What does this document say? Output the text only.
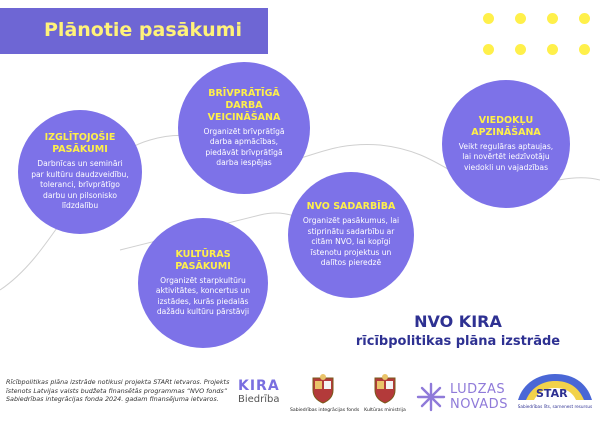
Plānotie pasākumi
IZGLĪTOJOŠIE PASĀKUMI
Darbnīcas un semināri par kultūru daudzveidību, toleranci, brīvprātīgo darbu un pilsonisko līdzdalību
BRĪVPRĀTĪGĀ DARBA VEICINĀŠANA
Organizēt brīvprātīgā darba apmācības, piedāvāt brīvprātīgā darba iespējas
VIEDOKĻU APZINĀŠANA
Veikt regulāras aptaujas, lai novērtēt iedzīvotāju viedokli un vajadzības
NVO SADARBĪBA
Organizēt pasākumus, lai stiprinātu sadarbību ar citām NVO, lai kopīgi īstenotu projektus un dalītos pieredzē
KULTŪRAS PASĀKUMI
Organizēt starpkultūru aktivitātes, koncertus un izstādes, kurās piedalās dažādu kultūru pārstāvji
NVO KIRA
rīcībpolitikas plāna izstrāde
Rīcībpolitikas plāna izstrāde notikusi projekta STARt ietvaros. Projekts īstenots Latvijas valsts budžeta finansētās programmas “NVO fonds” Sabiedrības integrācijas fonda 2024. gadam finansējuma ietvaros.
KIRA
Biedrība
Sabiedrības integrācijas fonds	Kultūras ministrija
LUDZAS
NOVADS
STAR
Sabiedrības līts, sarnenest resursus
